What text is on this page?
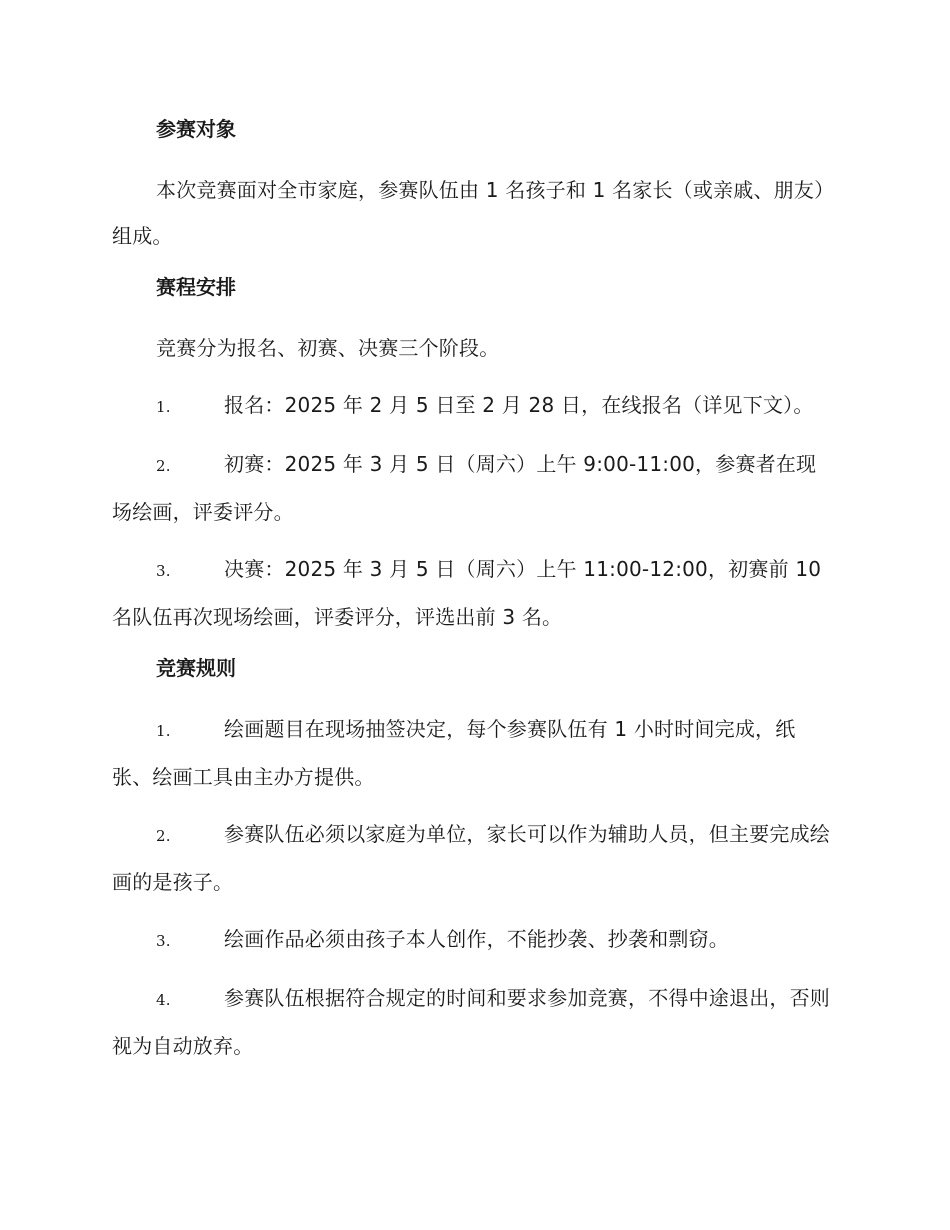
参赛对象
本次竞赛面对全市家庭，参赛队伍由 1 名孩子和 1 名家长（或亲戚、朋友）组成。
赛程安排
竞赛分为报名、初赛、决赛三个阶段。
1.	报名：2025 年 2 月 5 日至 2 月 28 日，在线报名（详见下文）。
2.	初赛：2025 年 3 月 5 日（周六）上午 9:00-11:00，参赛者在现场绘画，评委评分。
3.	决赛：2025 年 3 月 5 日（周六）上午 11:00-12:00，初赛前 10 名队伍再次现场绘画，评委评分，评选出前 3 名。
竞赛规则
1.	绘画题目在现场抽签决定，每个参赛队伍有 1 小时时间完成，纸张、绘画工具由主办方提供。
2.	参赛队伍必须以家庭为单位，家长可以作为辅助人员，但主要完成绘画的是孩子。
3.	绘画作品必须由孩子本人创作，不能抄袭、抄袭和剽窃。
4.	参赛队伍根据符合规定的时间和要求参加竞赛，不得中途退出，否则视为自动放弃。
